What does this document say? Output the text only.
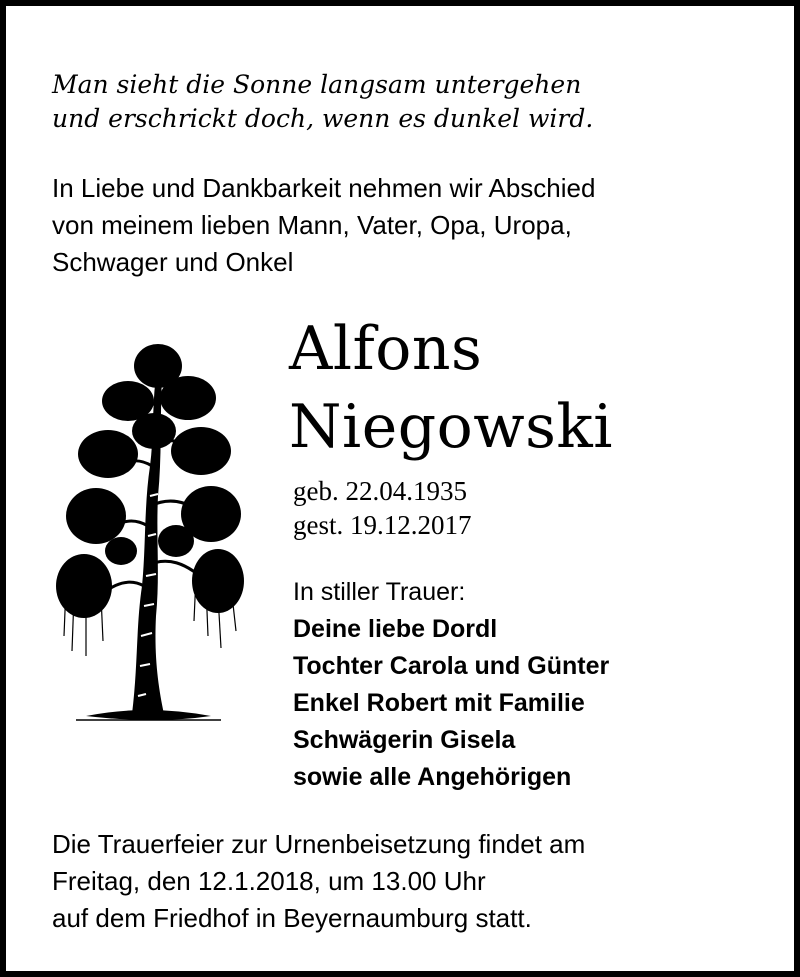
Man sieht die Sonne langsam untergehen
und erschrickt doch, wenn es dunkel wird.
In Liebe und Dankbarkeit nehmen wir Abschied
von meinem lieben Mann, Vater, Opa, Uropa,
Schwager und Onkel
Alfons
Niegowski
geb. 22.04.1935
gest. 19.12.2017
In stiller Trauer:
Deine liebe Dordl
Tochter Carola und Günter
Enkel Robert mit Familie
Schwägerin Gisela
sowie alle Angehörigen
Die Trauerfeier zur Urnenbeisetzung findet am
Freitag, den 12.1.2018, um 13.00 Uhr
auf dem Friedhof in Beyernaumburg statt.
